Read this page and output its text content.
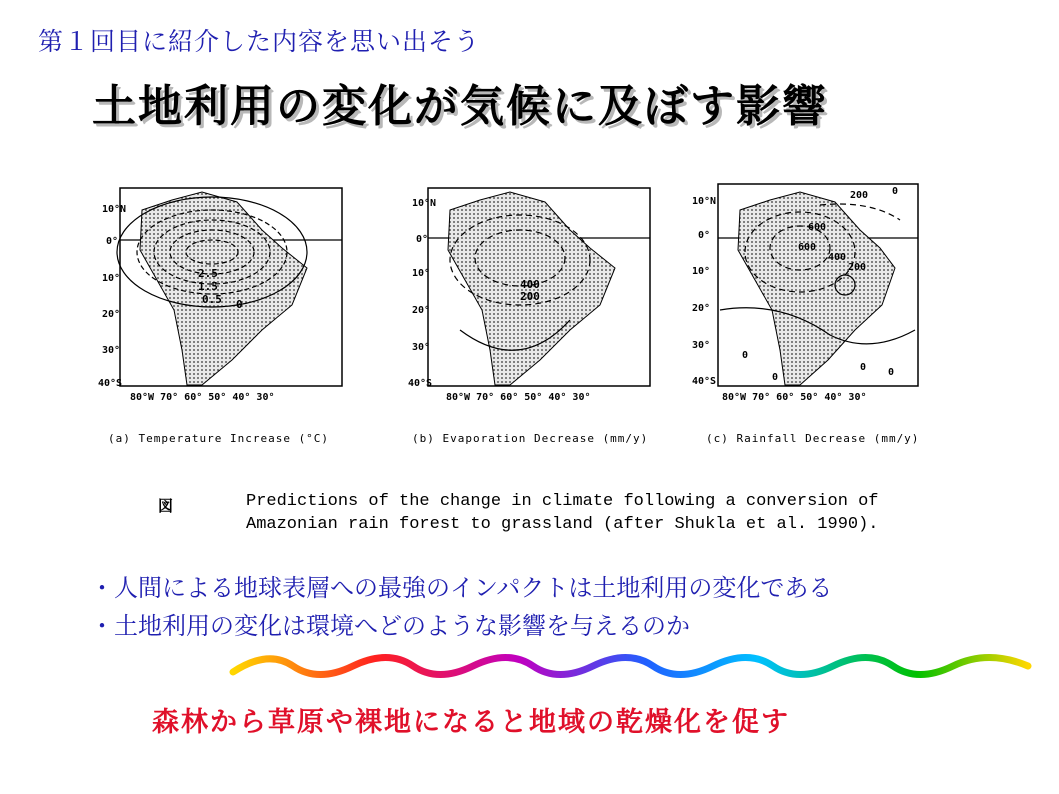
第１回目に紹介した内容を思い出そう
土地利用の変化が気候に及ぼす影響
2.5
1.5
0.5 0
400
200
200 0
600
600
400
200
0
0
0 0
10°N
0°
10°
20°
30°
40°S
10°N
0°
10°
20°
30°
40°S
10°N
0°
10°
20°
30°
40°S
80°W 70° 60° 50° 40° 30°	80°W 70° 60° 50° 40° 30°	80°W 70° 60° 50° 40° 30°
(a) Temperature Increase (°C)	(b) Evaporation Decrease (mm/y)	(c) Rainfall Decrease (mm/y)
図	Predictions of the change in climate following a conversion of
Amazonian rain forest to grassland (after Shukla et al. 1990).
・人間による地球表層への最強のインパクトは土地利用の変化である
・土地利用の変化は環境へどのような影響を与えるのか
森林から草原や裸地になると地域の乾燥化を促す
